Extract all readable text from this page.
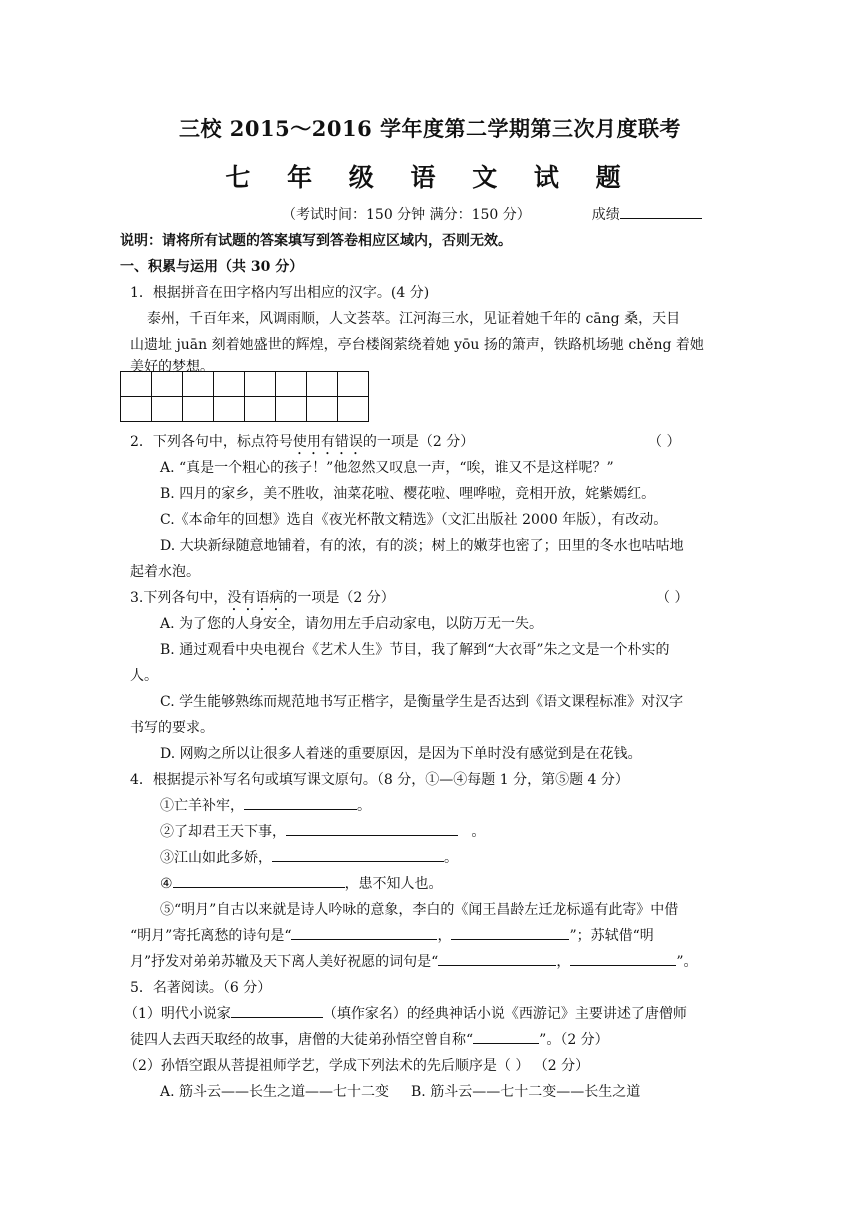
三校 2015～2016 学年度第二学期第三次月度联考
七 年 级 语 文 试 题
（考试时间：150 分钟 满分：150 分）	成绩
说明：请将所有试题的答案填写到答卷相应区域内，否则无效。
一、积累与运用（共 30 分）
1．根据拼音在田字格内写出相应的汉字。(4 分)
泰州，千百年来，风调雨顺，人文荟萃。江河海三水，见证着她千年的 cāng 桑，天目
山遗址 juān 刻着她盛世的辉煌，亭台楼阁萦绕着她 yōu 扬的箫声，铁路机场驰 chěng 着她
美好的梦想。

2．下列各句中，标点符号使用有错误的一项是（2 分）	（ ）
A. “真是一个粗心的孩子！”他忽然又叹息一声，“唉，谁又不是这样呢？”
B. 四月的家乡，美不胜收，油菜花啦、樱花啦、哩哗啦，竞相开放，姹紫嫣红。
C.《本命年的回想》选自《夜光杯散文精选》（文汇出版社 2000 年版），有改动。
D. 大块新绿随意地铺着，有的浓，有的淡；树上的嫩芽也密了；田里的冬水也咕咕地
起着水泡。
3.下列各句中，没有语病的一项是（2 分）	（ ）
A. 为了您的人身安全，请勿用左手启动家电，以防万无一失。
B. 通过观看中央电视台《艺术人生》节目，我了解到“大衣哥”朱之文是一个朴实的
人。
C. 学生能够熟练而规范地书写正楷字，是衡量学生是否达到《语文课程标准》对汉字
书写的要求。
D. 网购之所以让很多人着迷的重要原因，是因为下单时没有感觉到是在花钱。
4．根据提示补写名句或填写课文原句。（8 分，①—④每题 1 分，第⑤题 4 分）
①亡羊补牢，	。
②了却君王天下事，	。
③江山如此多娇，	。
④	，患不知人也。
⑤“明月”自古以来就是诗人吟咏的意象，李白的《闻王昌龄左迁龙标遥有此寄》中借
“明月”寄托离愁的诗句是“	，	”；苏轼借“明
月”抒发对弟弟苏辙及天下离人美好祝愿的词句是“	，	”。
5．名著阅读。（6 分）
（1）明代小说家	（填作家名）的经典神话小说《西游记》主要讲述了唐僧师
徒四人去西天取经的故事，唐僧的大徒弟孙悟空曾自称“	”。（2 分）
（2）孙悟空跟从菩提祖师学艺，学成下列法术的先后顺序是（ ） （2 分）
A. 筋斗云——长生之道——七十二变 B. 筋斗云——七十二变——长生之道
